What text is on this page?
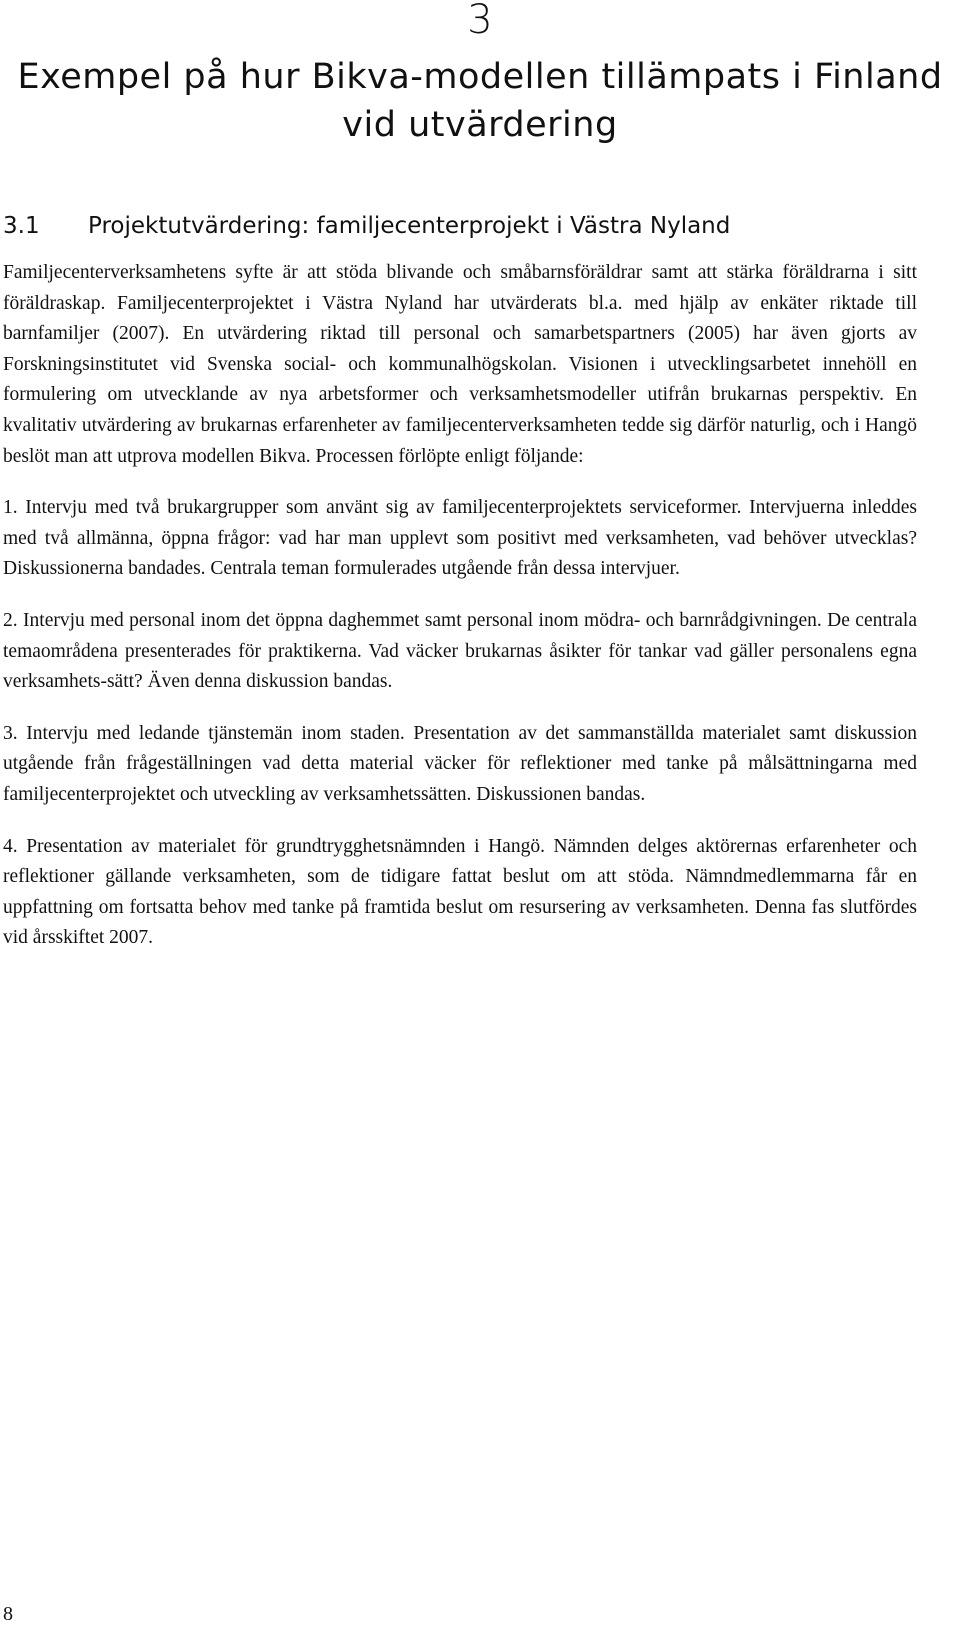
3
Exempel på hur Bikva-modellen tillämpats i Finland vid utvärdering
3.1 Projektutvärdering: familjecenterprojekt i Västra Nyland

Familjecenterverksamhetens syfte är att stöda blivande och småbarnsföräldrar samt att stärka föräldrarna i sitt föräldraskap. Familjecenterprojektet i Västra Nyland har utvärderats bl.a. med hjälp av enkäter riktade till barnfamiljer (2007). En utvärdering riktad till personal och samarbetspartners (2005) har även gjorts av Forskningsinstitutet vid Svenska social- och kommunalhögskolan. Visionen i utvecklingsarbetet innehöll en formulering om utvecklande av nya arbetsformer och verksamhetsmodeller utifrån brukarnas perspektiv. En kvalitativ utvärdering av brukarnas erfarenheter av familjecenterverksamheten tedde sig därför naturlig, och i Hangö beslöt man att utprova modellen Bikva. Processen förlöpte enligt följande:

1. Intervju med två brukargrupper som använt sig av familjecenterprojektets serviceformer. Intervjuerna inleddes med två allmänna, öppna frågor: vad har man upplevt som positivt med verksamheten, vad behöver utvecklas? Diskussionerna bandades. Centrala teman formulerades utgående från dessa intervjuer.

2. Intervju med personal inom det öppna daghemmet samt personal inom mödra- och barnrådgivningen. De centrala temaområdena presenterades för praktikerna. Vad väcker brukarnas åsikter för tankar vad gäller personalens egna verksamhets-sätt? Även denna diskussion bandas.

3. Intervju med ledande tjänstemän inom staden. Presentation av det sammanställda materialet samt diskussion utgående från frågeställningen vad detta material väcker för reflektioner med tanke på målsättningarna med familjecenterprojektet och utveckling av verksamhetssätten. Diskussionen bandas.

4. Presentation av materialet för grundtrygghetsnämnden i Hangö. Nämnden delges aktörernas erfarenheter och reflektioner gällande verksamheten, som de tidigare fattat beslut om att stöda. Nämndmedlemmarna får en uppfattning om fortsatta behov med tanke på framtida beslut om resursering av verksamheten. Denna fas slutfördes vid årsskiftet 2007.

8
